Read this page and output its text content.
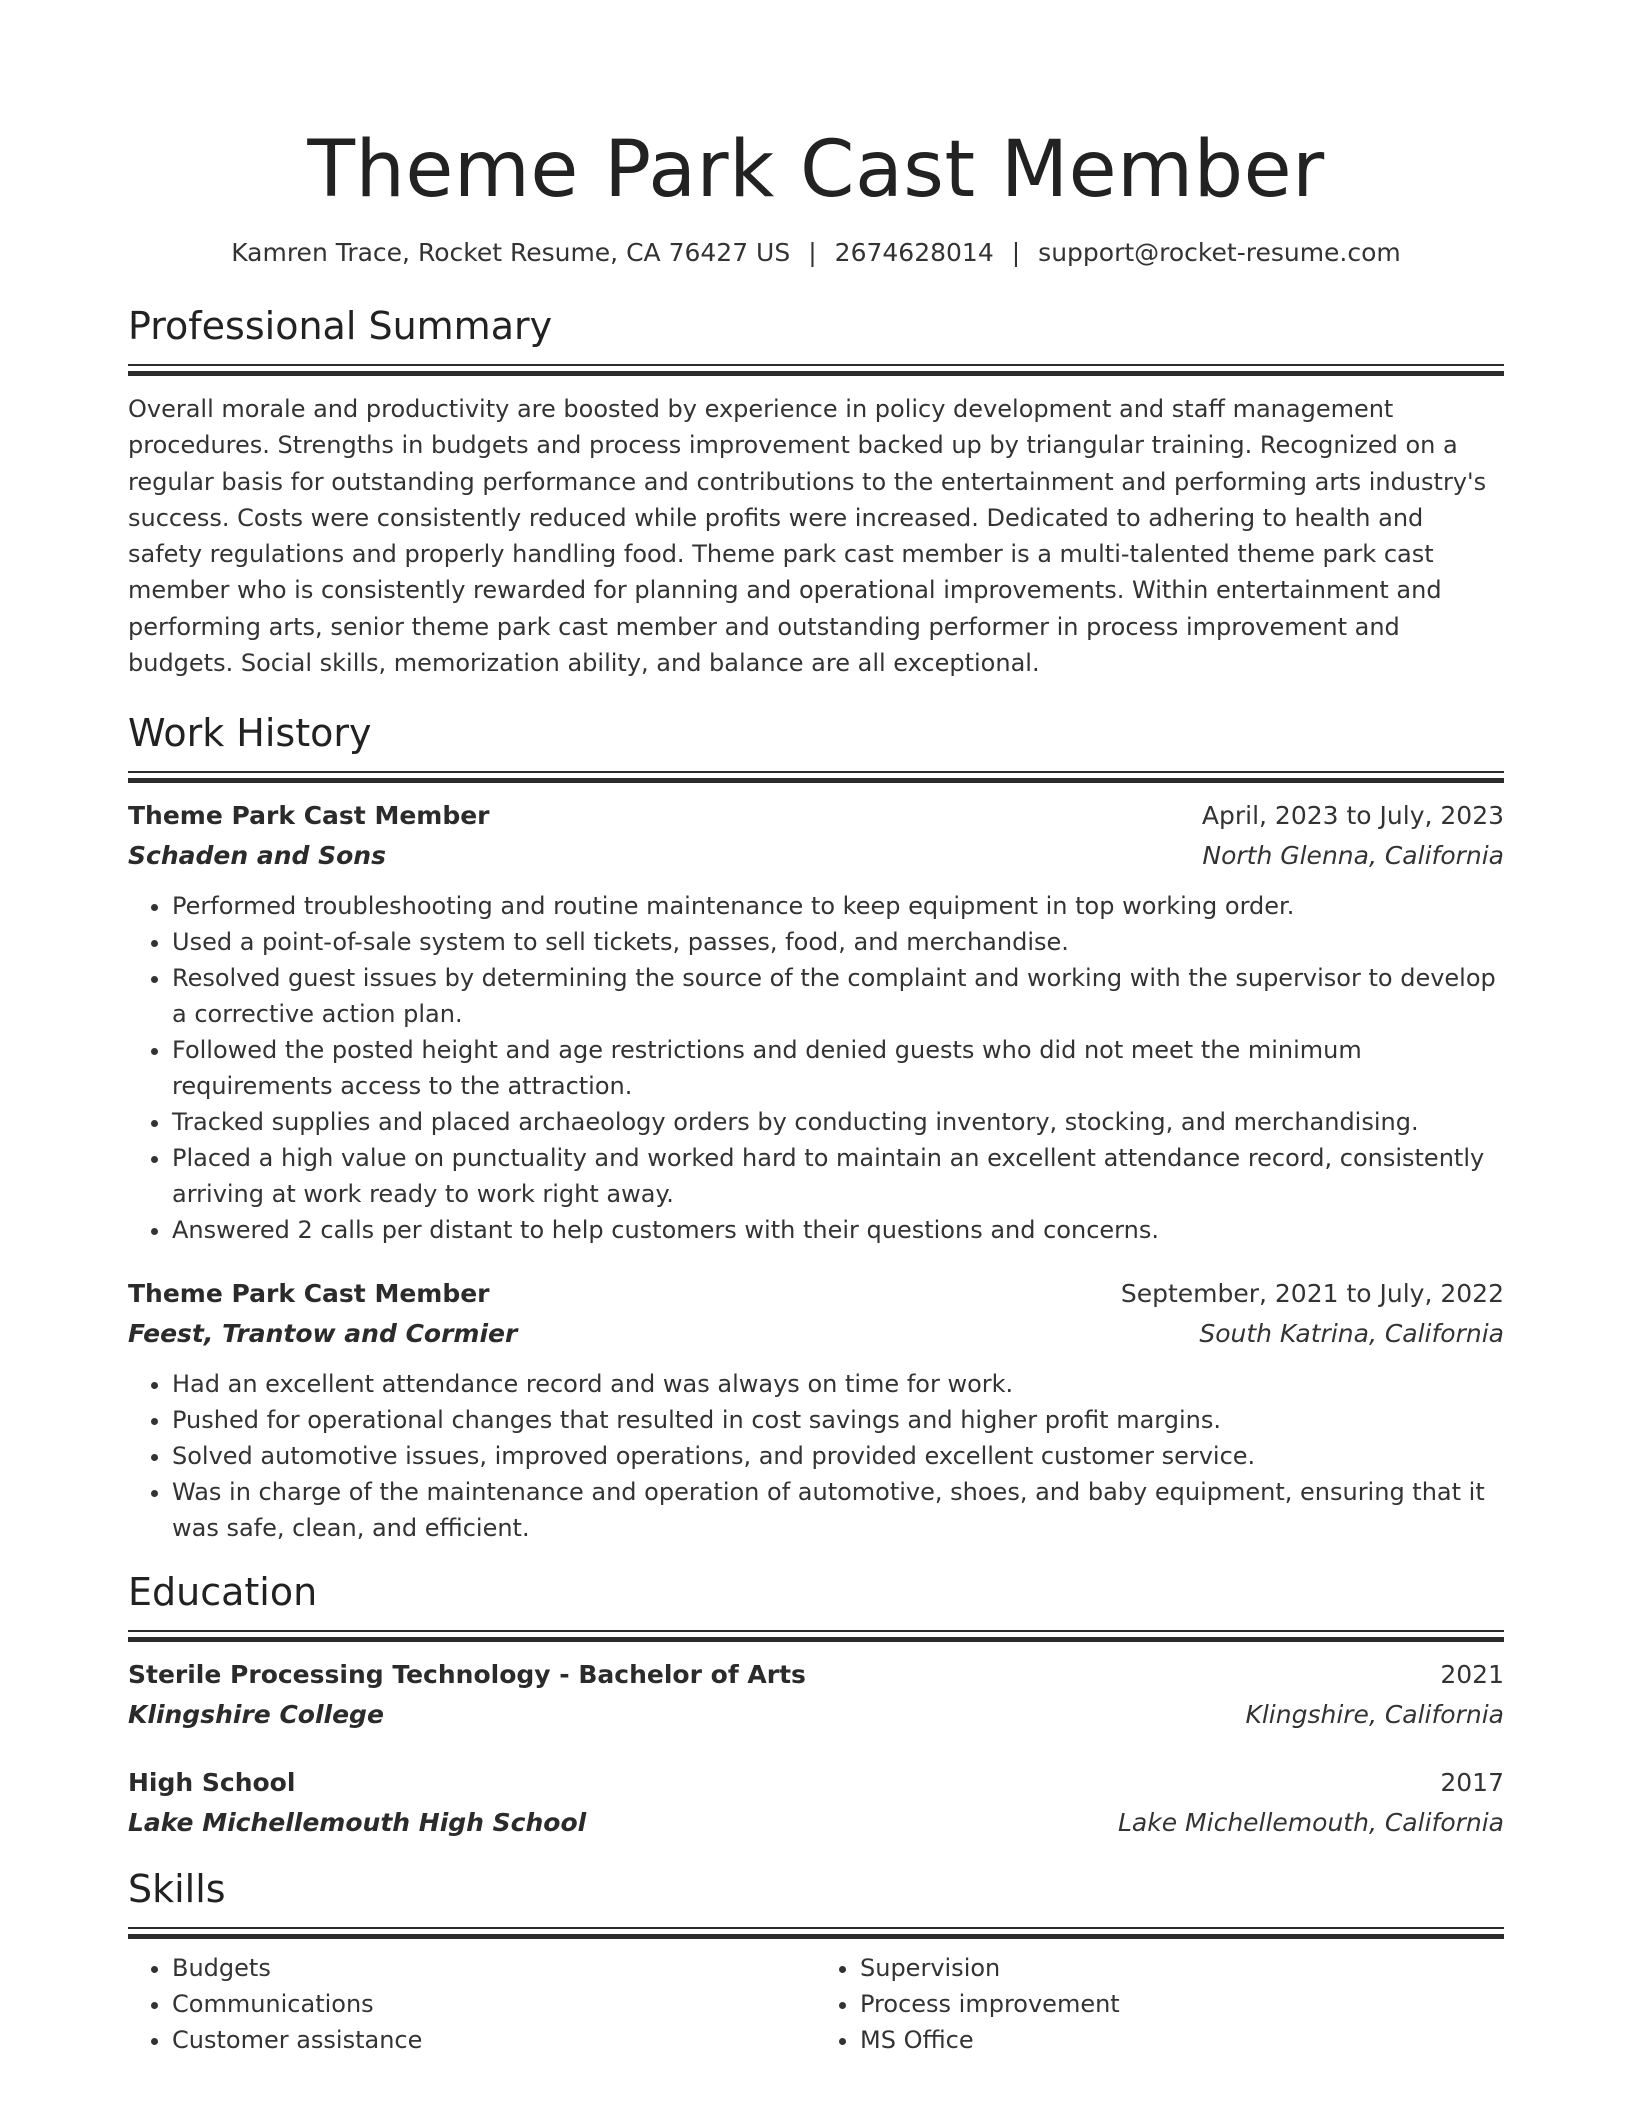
Theme Park Cast Member
Kamren Trace, Rocket Resume, CA 76427 US | 2674628014 | support@rocket-resume.com
Professional Summary
Overall morale and productivity are boosted by experience in policy development and staff management procedures. Strengths in budgets and process improvement backed up by triangular training. Recognized on a regular basis for outstanding performance and contributions to the entertainment and performing arts industry's success. Costs were consistently reduced while profits were increased. Dedicated to adhering to health and safety regulations and properly handling food. Theme park cast member is a multi-talented theme park cast member who is consistently rewarded for planning and operational improvements. Within entertainment and performing arts, senior theme park cast member and outstanding performer in process improvement and budgets. Social skills, memorization ability, and balance are all exceptional.
Work History
Theme Park Cast Member	April, 2023 to July, 2023
Schaden and Sons	North Glenna, California
• Performed troubleshooting and routine maintenance to keep equipment in top working order.
• Used a point-of-sale system to sell tickets, passes, food, and merchandise.
• Resolved guest issues by determining the source of the complaint and working with the supervisor to develop a corrective action plan.
• Followed the posted height and age restrictions and denied guests who did not meet the minimum requirements access to the attraction.
• Tracked supplies and placed archaeology orders by conducting inventory, stocking, and merchandising.
• Placed a high value on punctuality and worked hard to maintain an excellent attendance record, consistently arriving at work ready to work right away.
• Answered 2 calls per distant to help customers with their questions and concerns.
Theme Park Cast Member	September, 2021 to July, 2022
Feest, Trantow and Cormier	South Katrina, California
• Had an excellent attendance record and was always on time for work.
• Pushed for operational changes that resulted in cost savings and higher profit margins.
• Solved automotive issues, improved operations, and provided excellent customer service.
• Was in charge of the maintenance and operation of automotive, shoes, and baby equipment, ensuring that it was safe, clean, and efficient.
Education
Sterile Processing Technology - Bachelor of Arts	2021
Klingshire College	Klingshire, California
High School	2017
Lake Michellemouth High School	Lake Michellemouth, California
Skills
• Budgets
• Communications
• Customer assistance
• Supervision
• Process improvement
• MS Office
